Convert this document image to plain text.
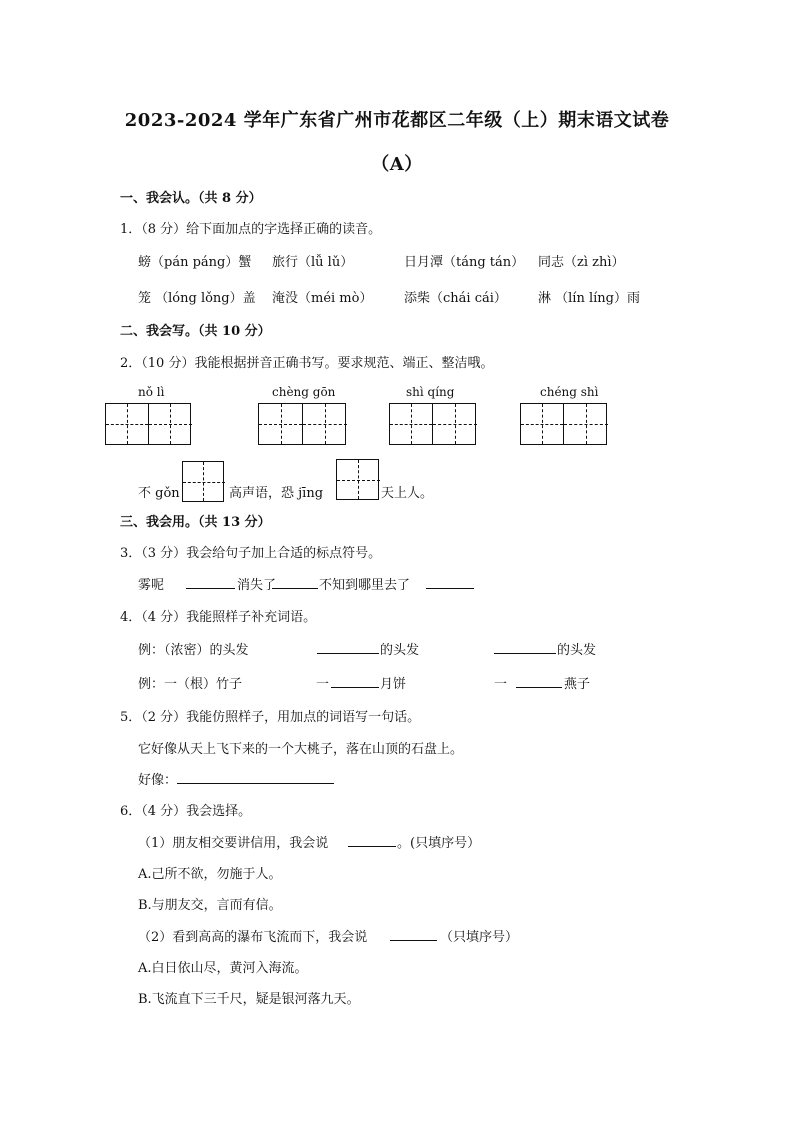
2023-2024 学年广东省广州市花都区二年级（上）期末语文试卷
（A）
一、我会认。（共 8 分）
1．（8 分）给下面加点的字选择正确的读音。
螃（pán páng）蟹 旅行（lǚ lǔ）	日月潭（táng tán） 同志（zì zhì）
笼 （lóng lǒng）盖 淹没（méi mò） 添柴（chái cái） 淋 （lín líng）雨
二、我会写。（共 10 分）
2．（10 分）我能根据拼音正确书写。要求规范、端正、整洁哦。
nǒ lì	chèng gōn	shì qíng	chéng shì
不 gǒn	高声语，恐 jīng	天上人。
三、我会用。（共 13 分）
3．（3 分）我会给句子加上合适的标点符号。
雾呢	消失了	不知到哪里去了
4．（4 分）我能照样子补充词语。
例：（浓密）的头发	的头发	的头发
例：一（根）竹子	一	月饼	一	燕子
5．（2 分）我能仿照样子，用加点的词语写一句话。
它好像从天上飞下来的一个大桃子，落在山顶的石盘上。
好像：
6．（4 分）我会选择。
（1）朋友相交要讲信用，我会说	。(只填序号）
A.己所不欲，勿施于人。
B.与朋友交，言而有信。
（2）看到高高的瀑布飞流而下，我会说	（只填序号）
A.白日依山尽，黄河入海流。
B.飞流直下三千尺，疑是银河落九天。
